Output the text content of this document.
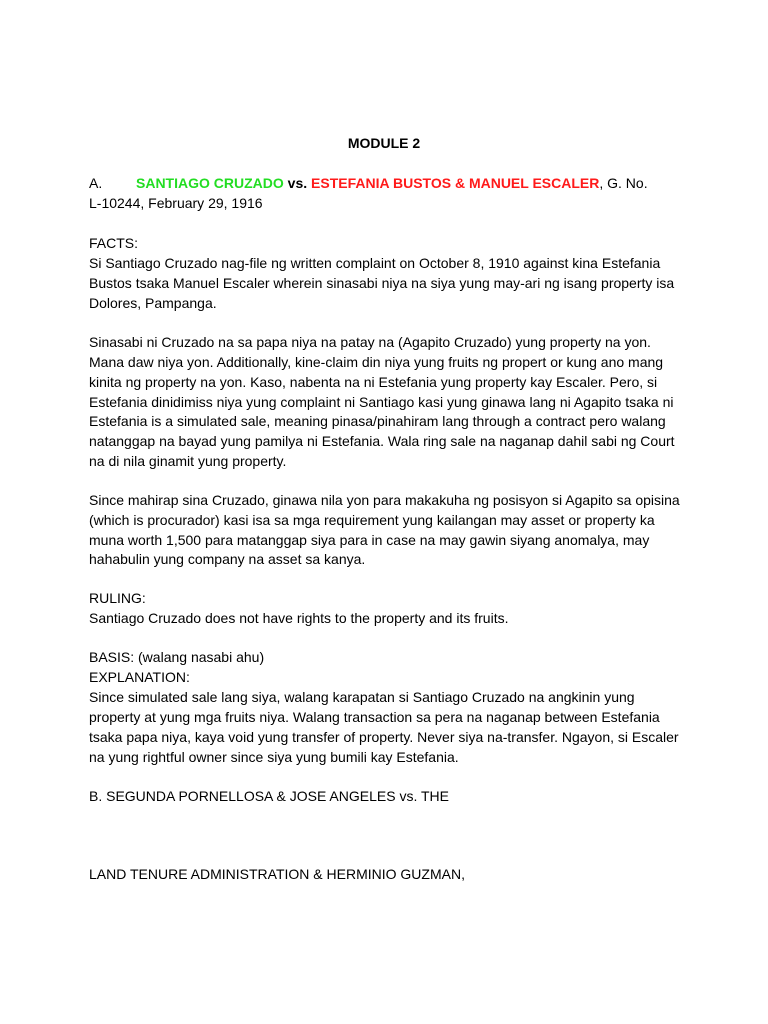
MODULE 2
A. SANTIAGO CRUZADO vs. ESTEFANIA BUSTOS & MANUEL ESCALER, G. No.
L-10244, February 29, 1916
FACTS:
Si Santiago Cruzado nag-file ng written complaint on October 8, 1910 against kina Estefania
Bustos tsaka Manuel Escaler wherein sinasabi niya na siya yung may-ari ng isang property isa
Dolores, Pampanga.
Sinasabi ni Cruzado na sa papa niya na patay na (Agapito Cruzado) yung property na yon.
Mana daw niya yon. Additionally, kine-claim din niya yung fruits ng propert or kung ano mang
kinita ng property na yon. Kaso, nabenta na ni Estefania yung property kay Escaler. Pero, si
Estefania dinidimiss niya yung complaint ni Santiago kasi yung ginawa lang ni Agapito tsaka ni
Estefania is a simulated sale, meaning pinasa/pinahiram lang through a contract pero walang
natanggap na bayad yung pamilya ni Estefania. Wala ring sale na naganap dahil sabi ng Court
na di nila ginamit yung property.
Since mahirap sina Cruzado, ginawa nila yon para makakuha ng posisyon si Agapito sa opisina
(which is procurador) kasi isa sa mga requirement yung kailangan may asset or property ka
muna worth 1,500 para matanggap siya para in case na may gawin siyang anomalya, may
hahabulin yung company na asset sa kanya.
RULING:
Santiago Cruzado does not have rights to the property and its fruits.
BASIS: (walang nasabi ahu)
EXPLANATION:
Since simulated sale lang siya, walang karapatan si Santiago Cruzado na angkinin yung
property at yung mga fruits niya. Walang transaction sa pera na naganap between Estefania
tsaka papa niya, kaya void yung transfer of property. Never siya na-transfer. Ngayon, si Escaler
na yung rightful owner since siya yung bumili kay Estefania.
B. SEGUNDA PORNELLOSA & JOSE ANGELES vs. THE
LAND TENURE ADMINISTRATION & HERMINIO GUZMAN,
